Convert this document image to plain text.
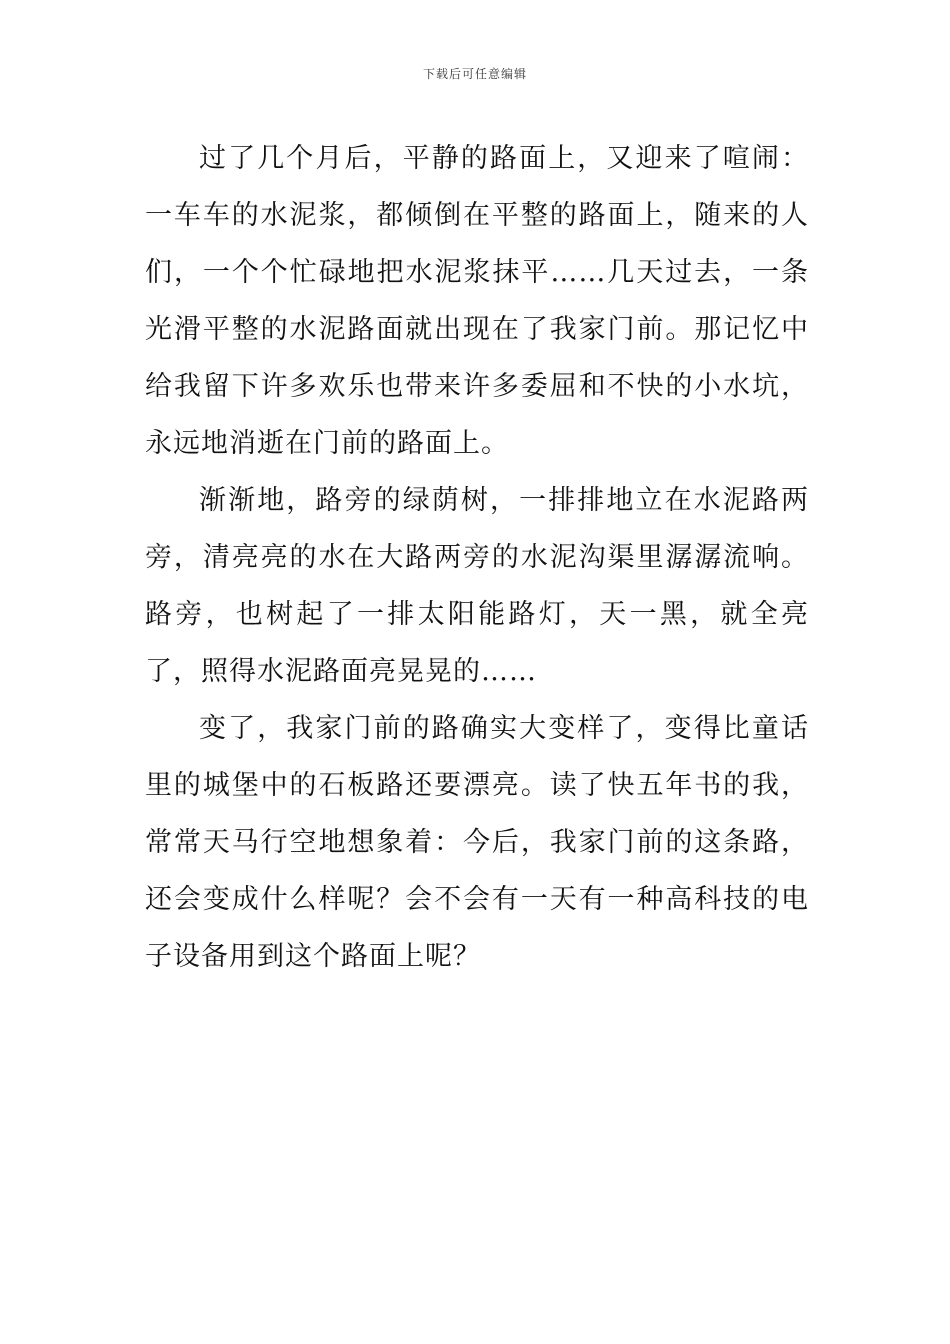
下载后可任意编辑

过了几个月后，平静的路面上，又迎来了喧闹：一车车的水泥浆，都倾倒在平整的路面上，随来的人们，一个个忙碌地把水泥浆抹平……几天过去，一条光滑平整的水泥路面就出现在了我家门前。那记忆中给我留下许多欢乐也带来许多委屈和不快的小水坑，永远地消逝在门前的路面上。

渐渐地，路旁的绿荫树，一排排地立在水泥路两旁，清亮亮的水在大路两旁的水泥沟渠里潺潺流响。路旁，也树起了一排太阳能路灯，天一黑，就全亮了，照得水泥路面亮晃晃的……

变了，我家门前的路确实大变样了，变得比童话里的城堡中的石板路还要漂亮。读了快五年书的我，常常天马行空地想象着：今后，我家门前的这条路，还会变成什么样呢？会不会有一天有一种高科技的电子设备用到这个路面上呢？
